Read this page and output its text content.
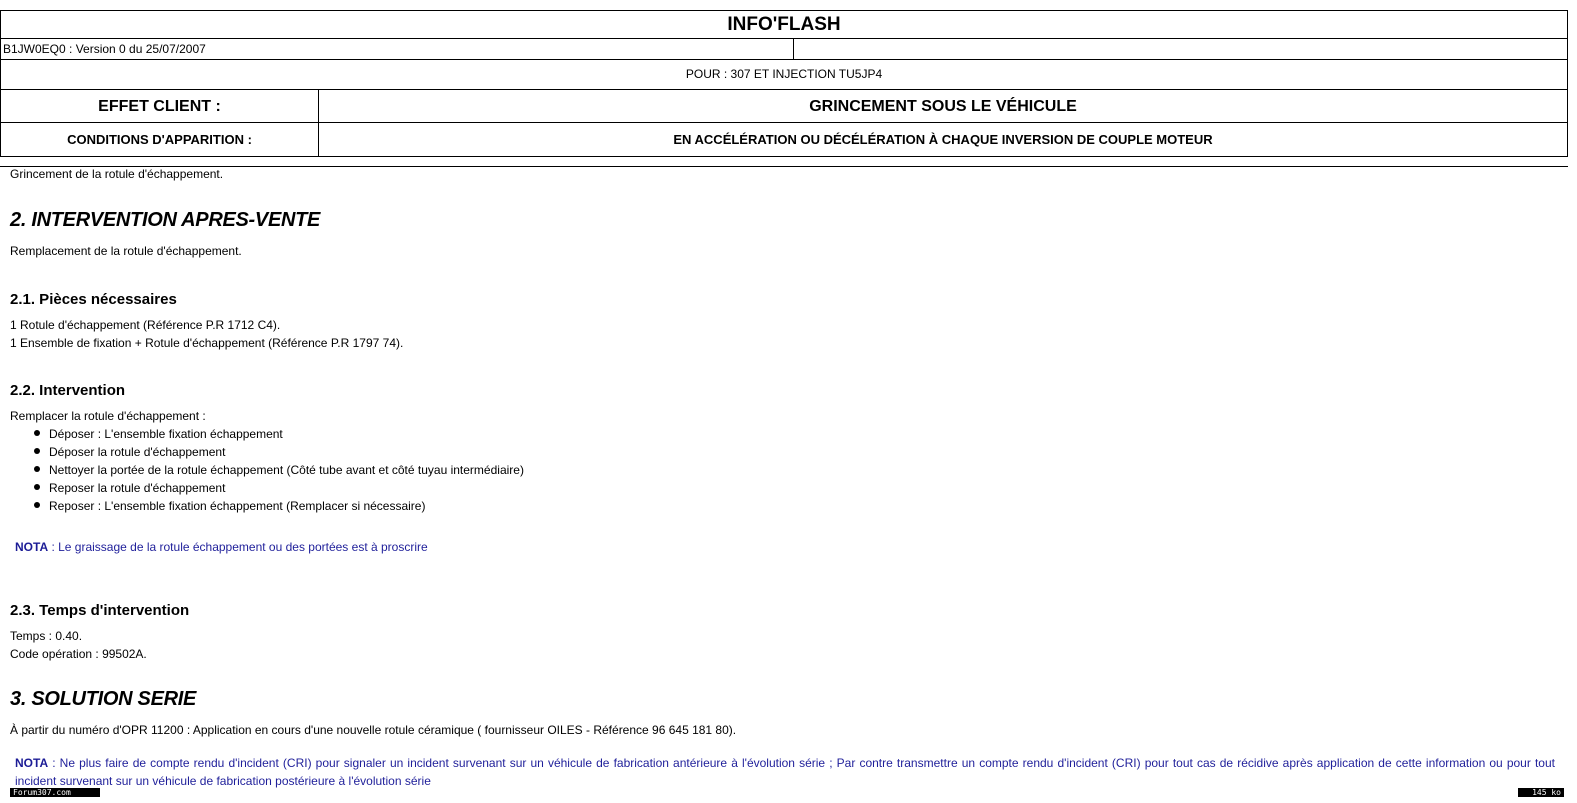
INFO'FLASH
B1JW0EQ0 : Version 0 du 25/07/2007
POUR : 307 ET INJECTION TU5JP4
EFFET CLIENT :	GRINCEMENT SOUS LE VÉHICULE
CONDITIONS D'APPARITION :	EN ACCÉLÉRATION OU DÉCÉLÉRATION À CHAQUE INVERSION DE COUPLE MOTEUR
Grincement de la rotule d'échappement.
2. INTERVENTION APRES-VENTE
Remplacement de la rotule d'échappement.
2.1. Pièces nécessaires
1 Rotule d'échappement (Référence P.R 1712 C4).
1 Ensemble de fixation + Rotule d'échappement (Référence P.R 1797 74).
2.2. Intervention
Remplacer la rotule d'échappement :
Déposer : L'ensemble fixation échappement
Déposer la rotule d'échappement
Nettoyer la portée de la rotule échappement (Côté tube avant et côté tuyau intermédiaire)
Reposer la rotule d'échappement
Reposer : L'ensemble fixation échappement (Remplacer si nécessaire)
NOTA : Le graissage de la rotule échappement ou des portées est à proscrire
2.3. Temps d'intervention
Temps : 0.40.
Code opération : 99502A.
3. SOLUTION SERIE
À partir du numéro d'OPR 11200 : Application en cours d'une nouvelle rotule céramique ( fournisseur OILES - Référence 96 645 181 80).
NOTA : Ne plus faire de compte rendu d'incident (CRI) pour signaler un incident survenant sur un véhicule de fabrication antérieure à l'évolution série ; Par contre transmettre un compte rendu d'incident (CRI) pour tout cas de récidive après application de cette information ou pour tout incident survenant sur un véhicule de fabrication postérieure à l'évolution série
Forum307.com	145 ko
